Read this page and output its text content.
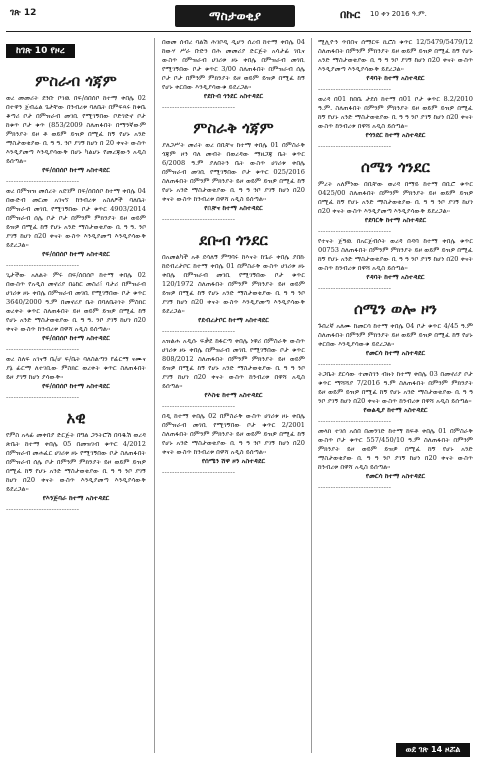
ገጽ 12	ማስታወቂያ	በኩር 10 ቀን 2016 ዓ.ም.
ከገጽ 10 የዞረ
ምስራብ ጎጃም

ወረ መመሪት ደንቡ ቦገዉ በፍ/ሰበሰቦ ከተማ ቀበሌ 02 በተዋን ጀብሬል ጌታቸው በንብረቱ ባለቤት በምፍጻሩ ከቁቤ ቆጣሪ ቦታ በምዝራብ መገቢ የሚገኝበው ቦድገድኖ ቦታ ከቁጥ ቦታ ቁጥ (853/2009 ስለጠፋበት በማንኛውም ምክንያት ይዞ ቶ ወይም ይዝዎ በሚፈ ከኝ የሆኑ አንድ ማስታወቂያው ቢ ዓ ዓ. ንቦ ያገኝ ከሆነ በ 20 ቀናት ውስጥ እንዲያመጣ እንዲያሳውቅ በሆኑ ካልሆኑ የመረጃውን አዲስ ይሰጣል፡፡

የፍ/ሰበሰቦ ከተማ አስተዳደር

-----------------------------

ወረ በምዝዝ መሰረት አደገም በፍ/ሰበሰቦ ከተማ ቀበሌ 04 በውድብ መርመ አገናኘ ከንብረቱ አስለፆች ባለቤት በምዝራብ መገቢ የሚገኝበው ቦታ ቁጥር 4903/2014 በምዝራብ ሰሌ ቦታ ቦታ በምንም ምክንያት ይዞ ወይም ይዝዎ በሚፈ ከኝ የሆኑ አንድ ማስታወቂያው ቢ ዓ ዓ. ንቦ ያገኝ ከሆነ በ20 ቀናት ውስጥ እንዲያመጣ እንዲያሳውቅ ይደረጋል፡፡

የፍ/ሰበሰቦ ከተማ አስተዳደር

-----------------------------

ጊታችው አለልት ምሩ በፍ/ሰበሰቦ ከተማ ቀበሌ 02 በውስጥ የአዲስ መኖሪያ በዕከር መስሪ፣ ባታሪ በምዝራብ ሀገሪቱ ዞኑ ቀበሌ በምዝራብ መገቢ የሚገኝበው ቦታ ቁጥር 3640/2000 ዓ.ም በመኖሪያ ቤት በባለቤትነት ምስክር ወረቀት ቁጥር ስለጠፋበት ይዞ ወይም ይዝዎ በሚፈ ከኝ የሆኑ አንድ ማስታወቂያው ቢ ዓ ዓ. ንቦ ያገኝ ከሆነ በ20 ቀናት ውስጥ ከንብረቱ በዋሻ አዲስ ይሰጣል፡፡

የፍ/ሰበሰቦ ከተማ አስተዳደር

-----------------------------

ወረ ስለፍ አገናኝ ቤ/ሆ ፍ/ቤት ባለስልጣን የፊርማ ናሙና ያኔ ፊርማ ለተገቢው ምስክር ወረቀት ቁጥር ስለጠፋበት ይዞ ያገኝ ከሆነ ያሳውቅ፡፡

የፍ/ሰበሰቦ ከተማ አስተዳደር

-----------------------------
አዊ

የምስ አላፊ መቀበያ ድርጅት በግል ጋንትሮሽ በባዱሽ ወረዳ ጽቤት ከተማ ቀበሌ 05 በመዝገብ ቁጥር 4/2012 በምዝራብ መሐፈር ሀገሪቱ ዞኑ የሚገኝበው ቦታ ስለጠፋበት በምዝራብ ሰሌ ቦታ በምንም ምክንያት ይዞ ወይም ይዝዎ በሚፈ ከኝ የሆኑ አንድ ማስታወቂያው ቢ ዓ ዓ ንቦ ያገኝ ከሆነ በ20 ቀናት ውስጥ እንዲያመጣ እንዲያሳውቅ ይደረጋል፡፡

የእንጅባራ ከተማ አስተዳደር

-----------------------------

በወመ ሰብረ ባልሽ ሕገቦዲ ዲሆን ሰረብ ከተማ ቀበሌ 04 ከውሃ ሥራ ቡድን በሕ መመሪያ ድርጅት አሳታፊ ገቢና ውስጥ በምዝራብ ሀገሪቱ ዞኑ ቀበሌ በምዝራብ መገቢ የሚገኝበው ቦታ ቁጥር 3/00 ስለጠፋበት በምዝራብ ሰሌ ቦታ ቦታ በምንም ምክንያት ይዞ ወይም ይዝዎ በሚፈ ከኝ የሆኑ ቀርበው እንዲያሳውቁ ይደረጋል፡፡

የደቡብ ጎንደር አስተዳደር

-----------------------------
ምስራቅ ጎጃም

ያለጋሥት መሪት ወረ በቢቸና ከተማ ቀበሌ 01 በምስራቅ ጎጃም ዞን ባለ መብት በወረዳው ማዘጋጃ ቤት ቁጥር 6/2008 ዓ.ም ያለበትን ቤት ውስጥ ሀገሪቱ ቀበሌ በምዝራብ መገቢ የሚገኝበው ቦታ ቁጥር 025/2016 ስለጠፋበት በምንም ምክንያት ይዞ ወይም ይዝዎ በሚፈ ከኝ የሆኑ አንድ ማስታወቂያው ቢ ዓ ዓ ንቦ ያገኝ ከሆነ በ20 ቀናት ውስጥ ከንብረቱ በዋሻ አዲስ ይሰጣል፡፡

የቢቸና ከተማ አስተዳደር

-----------------------------
ደቡብ ጎንደር

በአመልካች አቶ ደሳለኝ ምግባሩ ከእናት ከጌራ ቀበሌ ያበኩ ከደብረታቦር ከተማ ቀበሌ 01 በምስራቅ ውስጥ ሀገሪቱ ዞኑ ቀበሌ በምዝራብ መገቢ የሚገኝበው ቦታ ቁጥር 120/1972 ስለጠፋበት በምንም ምክንያት ይዞ ወይም ይዝዎ በሚፈ ከኝ የሆኑ አንድ ማስታወቂያው ቢ ዓ ዓ ንቦ ያገኝ ከሆነ በ20 ቀናት ውስጥ እንዲያመጣ እንዲያሳውቅ ይደረጋል፡፡

የደብረታቦር ከተማ አስተዳደር

-----------------------------

አዝልሐ አዲሱ ፍቃደ ከፋርጣ ቀበሌ ነዋሪ በምስራቅ ውስጥ ሀገሪቱ ዞኑ ቀበሌ በምዝራብ መገቢ የሚገኝበው ቦታ ቁጥር 808/2012 ስለጠፋበት በምንም ምክንያት ይዞ ወይም ይዝዎ በሚፈ ከኝ የሆኑ አንድ ማስታወቂያው ቢ ዓ ዓ ንቦ ያገኝ ከሆነ በ20 ቀናት ውስጥ ከንብረቱ በዋሻ አዲስ ይሰጣል፡፡

የእስቴ ከተማ አስተዳደር

-----------------------------

በዲ ከተማ ቀበሌ 02 በምስራቅ ውስጥ ሀገሪቱ ዞኑ ቀበሌ በምዝራብ መገቢ የሚገኝበው ቦታ ቁጥር 2/2001 ስለጠፋበት በምንም ምክንያት ይዞ ወይም ይዝዎ በሚፈ ከኝ የሆኑ አንድ ማስታወቂያው ቢ ዓ ዓ ንቦ ያገኝ ከሆነ በ20 ቀናት ውስጥ ከንብረቱ በዋሻ አዲስ ይሰጣል፡፡

የሰሜን ሸዋ ዞን አስተዳደር

-----------------------------

ሚሊዮን ጥበበና ሰማርፍ ኪሮስ ቁጥር 12/5479/5479/12 ስለጠፋበት በምንም ምክንያት ይዞ ወይም ይዝዎ በሚፈ ከኝ የሆኑ አንድ ማስታወቂያው ቢ ዓ ዓ ንቦ ያገኝ ከሆነ በ20 ቀናት ውስጥ እንዲያመጣ እንዲያሳውቅ ይደረጋል፡፡

የዳባት ከተማ አስተዳደር

-----------------------------

ወረዳ በ01 ከበቤ ታደሰ ከተማ በ01 ቦታ ቁጥር 8.2/2010 ዓ.ም. ስለጠፋበት በምንም ምክንያት ይዞ ወይም ይዝዎ በሚፈ ከኝ የሆኑ አንድ ማስታወቂያው ቢ ዓ ዓ ንቦ ያገኝ ከሆነ በ20 ቀናት ውስጥ ከንብረቱ በዋሻ አዲስ ይሰጣል፡፡

የጎንደር ከተማ አስተዳደር

-----------------------------
ሰሜን ጎንደር

ምረት አለምነው በቢቸው ወረዳ በማይ ከተማ በቢሮ ቁጥር 0425/00 ስለጠፋበት በምንም ምክንያት ይዞ ወይም ይዝዎ በሚፈ ከኝ የሆኑ አንድ ማስታወቂያው ቢ ዓ ዓ ንቦ ያገኝ ከሆነ በ20 ቀናት ውስጥ እንዲያመጣ እንዲያሳውቅ ይደረጋል፡፡

የደባርቅ ከተማ አስተዳደር

-----------------------------

የተናት ጀዓዉ በአርጀብሶት ወረዳ በዳባ ከተማ ቀበሌ ቁጥር 00753 ስለጠፋበት በምንም ምክንያት ይዞ ወይም ይዝዎ በሚፈ ከኝ የሆኑ አንድ ማስታወቂያው ቢ ዓ ዓ ንቦ ያገኝ ከሆነ በ20 ቀናት ውስጥ ከንብረቱ በዋሻ አዲስ ይሰጣል፡፡

የዳባት ከተማ አስተዳደር

-----------------------------
ሰሜን ወሎ ዞን

ጉበረኛ አለሙ ከመርሳ ከተማ ቀበሌ 04 ቦታ ቁጥር 4/45 ዓ.ም ስለጠፋበት በምንም ምክንያት ይዞ ወይም ይዝዎ በሚፈ ከኝ የሆኑ ቀርበው እንዲያሳውቁ ይደረጋል፡፡

የመርሳ ከተማ አስተዳደር

-----------------------------

ትጋቤት ደርሳው ተመስገን ብዙነ ከተማ ቀበሌ 03 በመኖሪያ ቦታ ቁጥር ማሻሻያ 7/2016 ዓ.ም ስለጠፋበት በምንም ምክንያት ይዞ ወይም ይዝዎ በሚፈ ከኝ የሆኑ አንድ ማስታወቂያው ቢ ዓ ዓ ንቦ ያገኝ ከሆነ በ20 ቀናት ውስጥ ከንብረቱ በዋሻ አዲስ ይሰጣል፡፡

የወልዲያ ከተማ አስተዳደር

-----------------------------

መላክ ተገሰ አሰበ በመንገድ ከተማ ከፍቶ ቀበሌ 01 በምስራቅ ውስጥ ቦታ ቁጥር 557/450/10 ዓ.ም ስለጠፋበት በምንም ምክንያት ይዞ ወይም ይዝዎ በሚፈ ከኝ የሆኑ አንድ ማስታወቂያው ቢ ዓ ዓ ንቦ ያገኝ ከሆነ በ20 ቀናት ውስጥ ከንብረቱ በዋሻ አዲስ ይሰጣል፡፡

የመርሳ ከተማ አስተዳደር

-----------------------------
ወደ ገጽ 14 ዞሯል
